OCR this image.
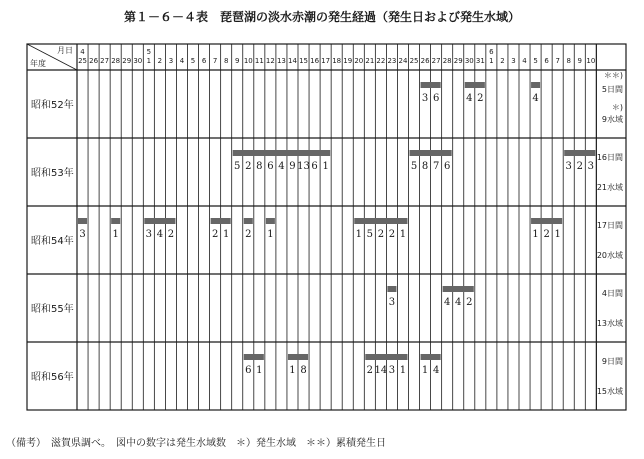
第１－６－４表　琵琶湖の淡水赤潮の発生経過（発生日および発生水域）
月日
年度
4
25 26 27 28 29 30
5
1 2 3 4 5 6 7 8 9 10 11 12 13 14 15 16 17 18 19 20 21 22 23 24 25 26 27 28 29 30 31
6
1 2 3 4 5 6 7 8 9 10
昭和52年
3 6	4 2	4
＊＊)
＊)
5日間
9水域
昭和53年
5 2 8 6 4 9 13 6 1	5 8 7 6	3 2 3
16日間
21水域
昭和54年
3	1	3 4 2	2 1 2 1	1 5 2 2 1	1 2 1
17日間
20水域
昭和55年
3	4 4 2
4日間
13水域
昭和56年
6 1	1 8	2 14 3 1 1 4
9日間
15水域
（備考）　滋賀県調べ。　図中の数字は発生水域数　＊）発生水域　＊＊）累積発生日
